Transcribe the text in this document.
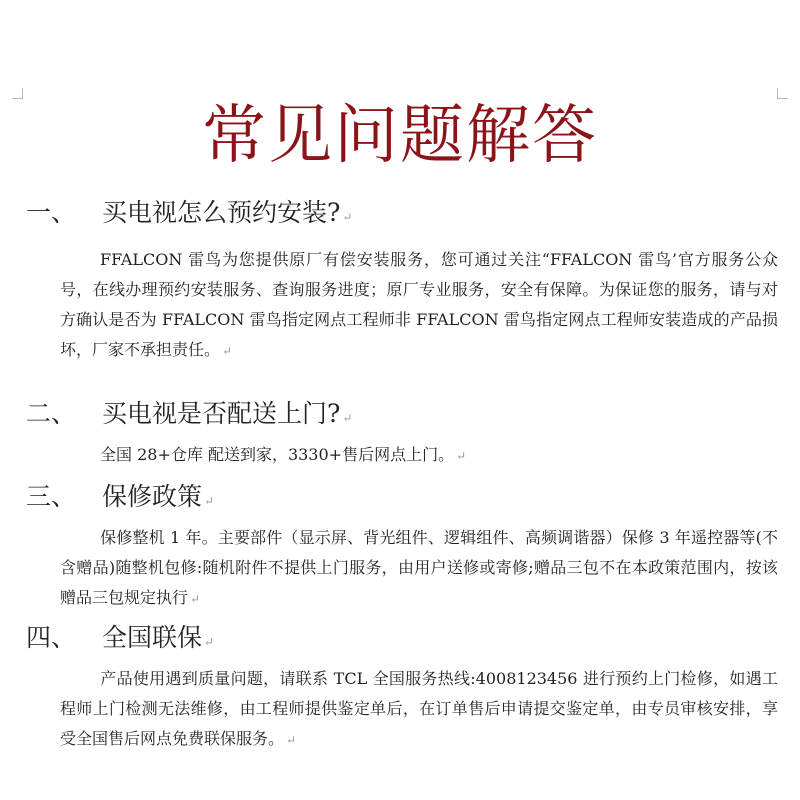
常见问题解答
一、 买电视怎么预约安装? ↵
FFALCON 雷鸟为您提供原厂有偿安装服务，您可通过关注“FFALCON 雷鸟’官方服务公众号，在线办理预约安装服务、查询服务进度；原厂专业服务，安全有保障。为保证您的服务，请与对方确认是否为 FFALCON 雷鸟指定网点工程师非 FFALCON 雷鸟指定网点工程师安装造成的产品损坏，厂家不承担责任。 ↵
二、 买电视是否配送上门? ↵
全国 28+仓库 配送到家，3330+售后网点上门。 ↵
三、 保修政策 ↵
保修整机 1 年。主要部件（显示屏、背光组件、逻辑组件、高频调谐器）保修 3 年遥控器等(不含赠品)随整机包修:随机附件不提供上门服务，由用户送修或寄修;赠品三包不在本政策范围内，按该赠品三包规定执行 ↵
四、 全国联保 ↵
产品使用遇到质量问题，请联系 TCL 全国服务热线:4008123456 进行预约上门检修，如遇工程师上门检测无法维修，由工程师提供鉴定单后，在订单售后申请提交鉴定单，由专员审核安排，享受全国售后网点免费联保服务。 ↵
